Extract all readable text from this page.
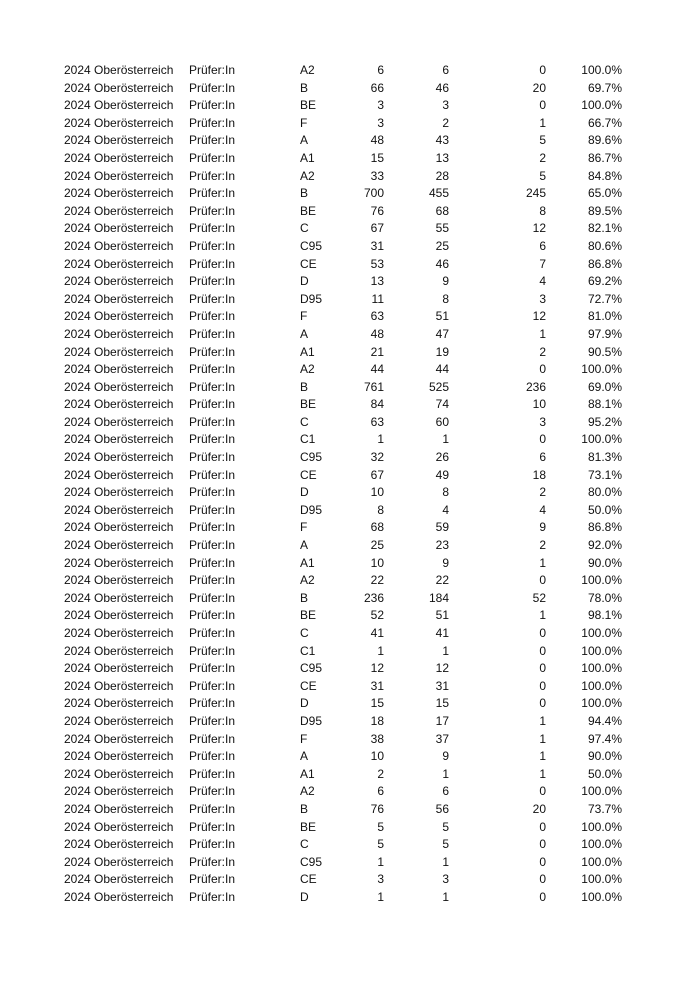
2024 Oberösterreich	Prüfer:In	A2	6	6	0	100.0%
2024 Oberösterreich	Prüfer:In	B	66	46	20	69.7%
2024 Oberösterreich	Prüfer:In	BE	3	3	0	100.0%
2024 Oberösterreich	Prüfer:In	F	3	2	1	66.7%
2024 Oberösterreich	Prüfer:In	A	48	43	5	89.6%
2024 Oberösterreich	Prüfer:In	A1	15	13	2	86.7%
2024 Oberösterreich	Prüfer:In	A2	33	28	5	84.8%
2024 Oberösterreich	Prüfer:In	B	700	455	245	65.0%
2024 Oberösterreich	Prüfer:In	BE	76	68	8	89.5%
2024 Oberösterreich	Prüfer:In	C	67	55	12	82.1%
2024 Oberösterreich	Prüfer:In	C95	31	25	6	80.6%
2024 Oberösterreich	Prüfer:In	CE	53	46	7	86.8%
2024 Oberösterreich	Prüfer:In	D	13	9	4	69.2%
2024 Oberösterreich	Prüfer:In	D95	11	8	3	72.7%
2024 Oberösterreich	Prüfer:In	F	63	51	12	81.0%
2024 Oberösterreich	Prüfer:In	A	48	47	1	97.9%
2024 Oberösterreich	Prüfer:In	A1	21	19	2	90.5%
2024 Oberösterreich	Prüfer:In	A2	44	44	0	100.0%
2024 Oberösterreich	Prüfer:In	B	761	525	236	69.0%
2024 Oberösterreich	Prüfer:In	BE	84	74	10	88.1%
2024 Oberösterreich	Prüfer:In	C	63	60	3	95.2%
2024 Oberösterreich	Prüfer:In	C1	1	1	0	100.0%
2024 Oberösterreich	Prüfer:In	C95	32	26	6	81.3%
2024 Oberösterreich	Prüfer:In	CE	67	49	18	73.1%
2024 Oberösterreich	Prüfer:In	D	10	8	2	80.0%
2024 Oberösterreich	Prüfer:In	D95	8	4	4	50.0%
2024 Oberösterreich	Prüfer:In	F	68	59	9	86.8%
2024 Oberösterreich	Prüfer:In	A	25	23	2	92.0%
2024 Oberösterreich	Prüfer:In	A1	10	9	1	90.0%
2024 Oberösterreich	Prüfer:In	A2	22	22	0	100.0%
2024 Oberösterreich	Prüfer:In	B	236	184	52	78.0%
2024 Oberösterreich	Prüfer:In	BE	52	51	1	98.1%
2024 Oberösterreich	Prüfer:In	C	41	41	0	100.0%
2024 Oberösterreich	Prüfer:In	C1	1	1	0	100.0%
2024 Oberösterreich	Prüfer:In	C95	12	12	0	100.0%
2024 Oberösterreich	Prüfer:In	CE	31	31	0	100.0%
2024 Oberösterreich	Prüfer:In	D	15	15	0	100.0%
2024 Oberösterreich	Prüfer:In	D95	18	17	1	94.4%
2024 Oberösterreich	Prüfer:In	F	38	37	1	97.4%
2024 Oberösterreich	Prüfer:In	A	10	9	1	90.0%
2024 Oberösterreich	Prüfer:In	A1	2	1	1	50.0%
2024 Oberösterreich	Prüfer:In	A2	6	6	0	100.0%
2024 Oberösterreich	Prüfer:In	B	76	56	20	73.7%
2024 Oberösterreich	Prüfer:In	BE	5	5	0	100.0%
2024 Oberösterreich	Prüfer:In	C	5	5	0	100.0%
2024 Oberösterreich	Prüfer:In	C95	1	1	0	100.0%
2024 Oberösterreich	Prüfer:In	CE	3	3	0	100.0%
2024 Oberösterreich	Prüfer:In	D	1	1	0	100.0%
